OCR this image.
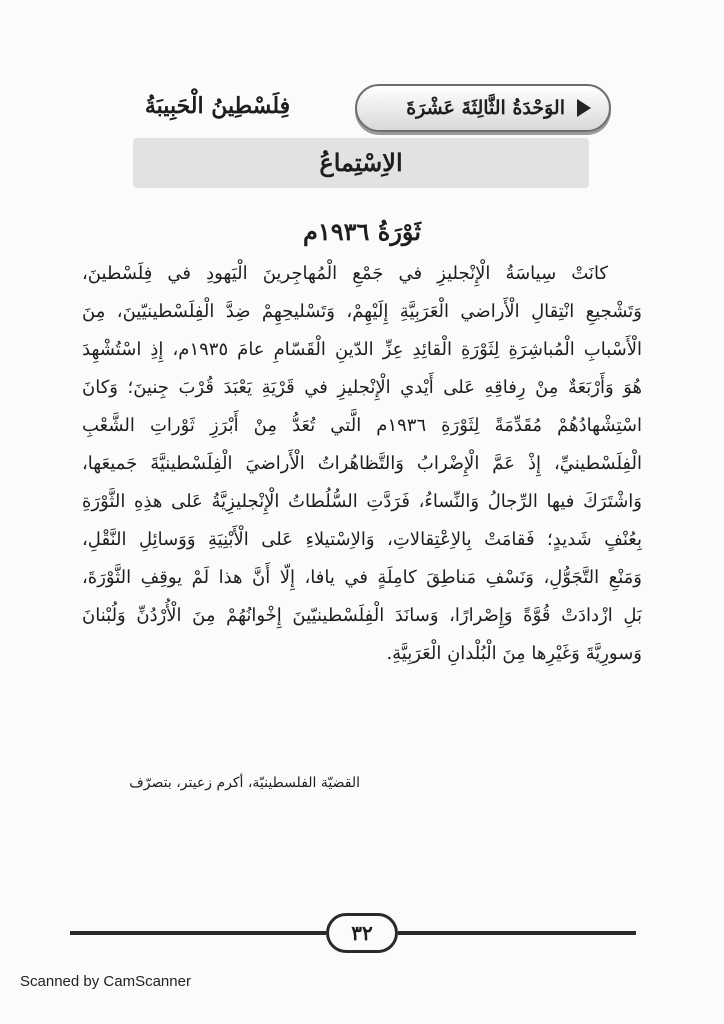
الوَحْدَةُ الثَّالِثَةَ عَشْرَةَ
فِلَسْطِينُ الْحَبِيبَةُ
الاِسْتِماعُ
ثَوْرَةُ ١٩٣٦م
كانَتْ سِياسَةُ الْإِنْجليزِ في جَمْعِ الْمُهاجِرينَ الْيَهودِ في فِلَسْطينَ،
وَتَشْجيعِ انْتِقالِ الْأَراضي الْعَرَبِيَّةِ إِلَيْهِمْ، وَتَسْليحِهِمْ ضِدَّ الْفِلَسْطينيّينَ، مِنَ
الْأَسْبابِ الْمُباشِرَةِ لِثَوْرَةِ الْقائِدِ عِزِّ الدّينِ الْقَسّامِ عامَ ١٩٣٥م، إِذِ اسْتُشْهِدَ
هُوَ وَأَرْبَعَةٌ مِنْ رِفاقِهِ عَلى أَيْدي الْإِنْجليزِ في قَرْيَةِ يَعْبَدَ قُرْبَ جِنينَ؛ وَكانَ
اسْتِشْهادُهُمْ مُقَدِّمَةً لِثَوْرَةِ ١٩٣٦م الَّتي تُعَدُّ مِنْ أَبْرَزِ ثَوْراتِ الشَّعْبِ
الْفِلَسْطينيِّ، إِذْ عَمَّ الْإِضْرابُ وَالتَّظاهُراتُ الْأَراضيَ الْفِلَسْطينيَّةَ جَميعَها،
وَاشْتَرَكَ فيها الرِّجالُ وَالنِّساءُ، فَرَدَّتِ السُّلُطاتُ الْإِنْجليزِيَّةُ عَلى هذِهِ الثَّوْرَةِ
بِعُنْفٍ شَديدٍ؛ فَقامَتْ بِالاِعْتِقالاتِ، وَالاِسْتيلاءِ عَلى الْأَبْنِيَةِ وَوَسائِلِ النَّقْلِ،
وَمَنْعِ التَّجَوُّلِ، وَنَسْفِ مَناطِقَ كامِلَةٍ في يافا، إِلّا أَنَّ هذا لَمْ يوقِفِ الثَّوْرَةَ،
بَلِ ازْدادَتْ قُوَّةً وَإِصْرارًا، وَسانَدَ الْفِلَسْطينيّينَ إِخْوانُهُمْ مِنَ الْأُرْدُنِّ وَلُبْنانَ
وَسورِيَّةَ وَغَيْرِها مِنَ الْبُلْدانِ الْعَرَبِيَّةِ.
القضيّة الفلسطينيّة، أكرم زعيتر، بتصرّف
٣٢
Scanned by CamScanner
